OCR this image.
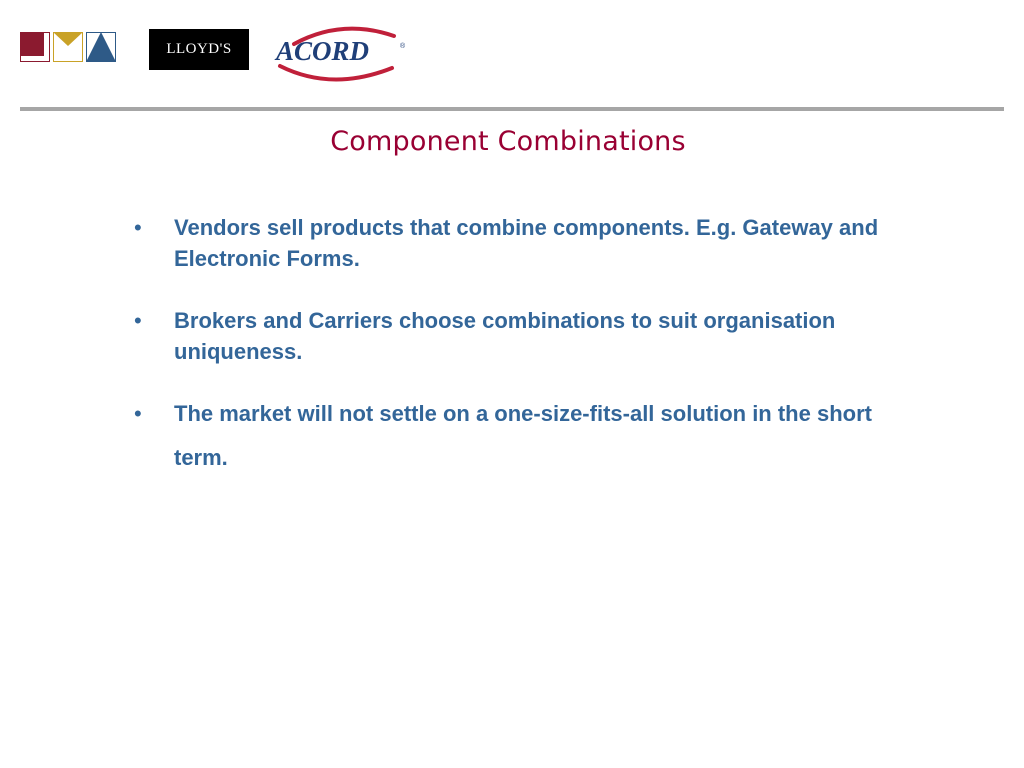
LLOYD'S ACORD	®
Component Combinations
• Vendors sell products that combine components. E.g. Gateway and Electronic Forms.
• Brokers and Carriers choose combinations to suit organisation uniqueness.
• The market will not settle on a one-size-fits-all solution in the short term.
